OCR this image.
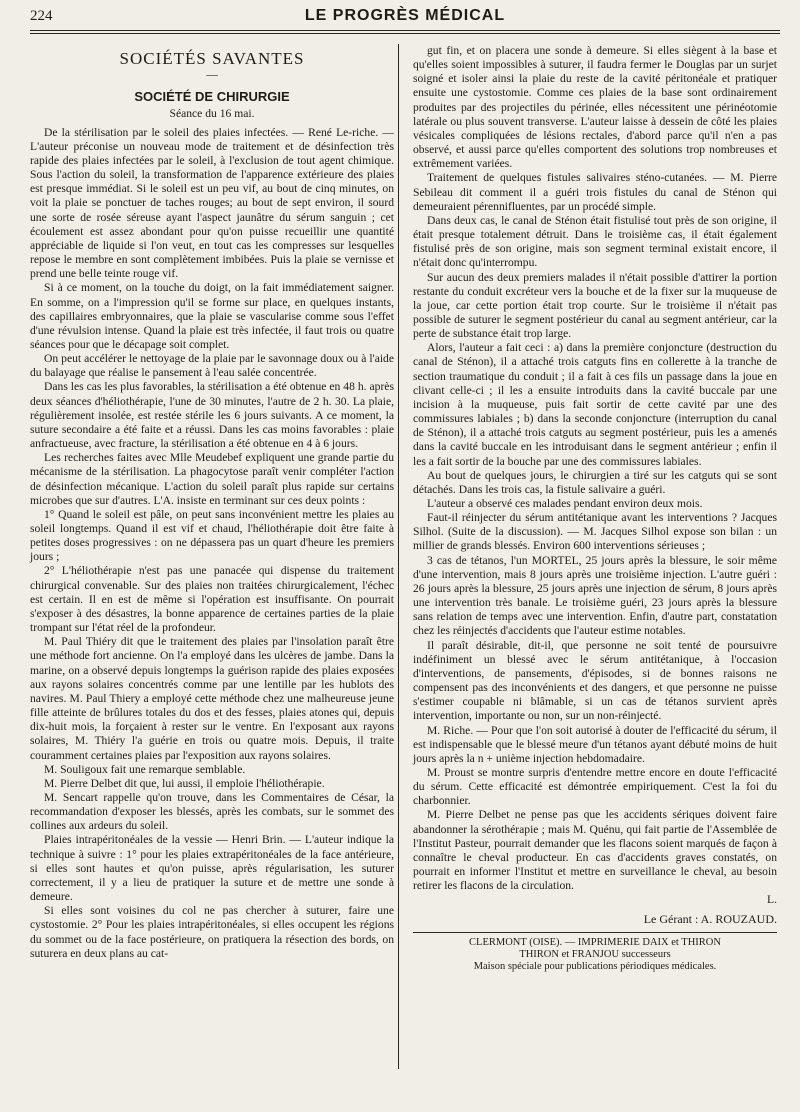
224	LE PROGRÈS MÉDICAL
SOCIÉTÉS SAVANTES
—
SOCIÉTÉ DE CHIRURGIE
Séance du 16 mai.

De la stérilisation par le soleil des plaies infectées. — René Le-riche. — L'auteur préconise un nouveau mode de traitement et de désinfection très rapide des plaies infectées par le soleil, à l'exclusion de tout agent chimique. Sous l'action du soleil, la transformation de l'apparence extérieure des plaies est presque immédiat. Si le soleil est un peu vif, au bout de cinq minutes, on voit la plaie se ponctuer de taches rouges; au bout de sept environ, il sourd une sorte de rosée séreuse ayant l'aspect jaunâtre du sérum sanguin ; cet écoulement est assez abondant pour qu'on puisse recueillir une quantité appréciable de liquide si l'on veut, en tout cas les compresses sur lesquelles repose le membre en sont complètement imbibées. Puis la plaie se vernisse et prend une belle teinte rouge vif.

Si à ce moment, on la touche du doigt, on la fait immédiatement saigner. En somme, on a l'impression qu'il se forme sur place, en quelques instants, des capillaires embryonnaires, que la plaie se vascularise comme sous l'effet d'une révulsion intense. Quand la plaie est très infectée, il faut trois ou quatre séances pour que le décapage soit complet.

On peut accélérer le nettoyage de la plaie par le savonnage doux ou à l'aide du balayage que réalise le pansement à l'eau salée concentrée.

Dans les cas les plus favorables, la stérilisation a été obtenue en 48 h. après deux séances d'héliothérapie, l'une de 30 minutes, l'autre de 2 h. 30. La plaie, régulièrement insolée, est restée stérile les 6 jours suivants. A ce moment, la suture secondaire a été faite et a réussi. Dans les cas moins favorables : plaie anfractueuse, avec fracture, la stérilisation a été obtenue en 4 à 6 jours.

Les recherches faites avec Mlle Meudebef expliquent une grande partie du mécanisme de la stérilisation. La phagocytose paraît venir compléter l'action de désinfection mécanique. L'action du soleil paraît plus rapide sur certains microbes que sur d'autres. L'A. insiste en terminant sur ces deux points :

1° Quand le soleil est pâle, on peut sans inconvénient mettre les plaies au soleil longtemps. Quand il est vif et chaud, l'héliothérapie doit être faite à petites doses progressives : on ne dépassera pas un quart d'heure les premiers jours ;

2° L'héliothérapie n'est pas une panacée qui dispense du traitement chirurgical convenable. Sur des plaies non traitées chirurgicalement, l'échec est certain. Il en est de même si l'opération est insuffisante. On pourrait s'exposer à des désastres, la bonne apparence de certaines parties de la plaie trompant sur l'état réel de la profondeur.

M. Paul Thiéry dit que le traitement des plaies par l'insolation paraît être une méthode fort ancienne. On l'a employé dans les ulcères de jambe. Dans la marine, on a observé depuis longtemps la guérison rapide des plaies exposées aux rayons solaires concentrés comme par une lentille par les hublots des navires. M. Paul Thiery a employé cette méthode chez une malheureuse jeune fille atteinte de brûlures totales du dos et des fesses, plaies atones qui, depuis dix-huit mois, la forçaient à rester sur le ventre. En l'exposant aux rayons solaires, M. Thiéry l'a guérie en trois ou quatre mois. Depuis, il traite couramment certaines plaies par l'exposition aux rayons solaires.

M. Souligoux fait une remarque semblable.

M. Pierre Delbet dit que, lui aussi, il emploie l'héliothérapie.

M. Sencart rappelle qu'on trouve, dans les Commentaires de César, la recommandation d'exposer les blessés, après les combats, sur le sommet des collines aux ardeurs du soleil.

Plaies intrapéritonéales de la vessie — Henri Brin. — L'auteur indique la technique à suivre : 1° pour les plaies extrapéritonéales de la face antérieure, si elles sont hautes et qu'on puisse, après régularisation, les suturer correctement, il y a lieu de pratiquer la suture et de mettre une sonde à demeure.

Si elles sont voisines du col ne pas chercher à suturer, faire une cystostomie. 2° Pour les plaies intrapéritonéales, si elles occupent les régions du sommet ou de la face postérieure, on pratiquera la résection des bords, on suturera en deux plans au cat-

gut fin, et on placera une sonde à demeure. Si elles siègent à la base et qu'elles soient impossibles à suturer, il faudra fermer le Douglas par un surjet soigné et isoler ainsi la plaie du reste de la cavité péritonéale et pratiquer ensuite une cystostomie. Comme ces plaies de la base sont ordinairement produites par des projectiles du périnée, elles nécessitent une périnéotomie latérale ou plus souvent transverse. L'auteur laisse à dessein de côté les plaies vésicales compliquées de lésions rectales, d'abord parce qu'il n'en a pas observé, et aussi parce qu'elles comportent des solutions trop nombreuses et extrêmement variées.

Traitement de quelques fistules salivaires sténo-cutanées. — M. Pierre Sebileau dit comment il a guéri trois fistules du canal de Sténon qui demeuraient pérennifluentes, par un procédé simple.

Dans deux cas, le canal de Sténon était fistulisé tout près de son origine, il était presque totalement détruit. Dans le troisième cas, il était également fistulisé près de son origine, mais son segment terminal existait encore, il n'était donc qu'interrompu.

Sur aucun des deux premiers malades il n'était possible d'attirer la portion restante du conduit excréteur vers la bouche et de la fixer sur la muqueuse de la joue, car cette portion était trop courte. Sur le troisième il n'était pas possible de suturer le segment postérieur du canal au segment antérieur, car la perte de substance était trop large.

Alors, l'auteur a fait ceci : a) dans la première conjoncture (destruction du canal de Sténon), il a attaché trois catguts fins en collerette à la tranche de section traumatique du conduit ; il a fait à ces fils un passage dans la joue en clivant celle-ci ; il les a ensuite introduits dans la cavité buccale par une incision à la muqueuse, puis fait sortir de cette cavité par une des commissures labiales ; b) dans la seconde conjoncture (interruption du canal de Sténon), il a attaché trois catguts au segment postérieur, puis les a amenés dans la cavité buccale en les introduisant dans le segment antérieur ; enfin il les a fait sortir de la bouche par une des commissures labiales.

Au bout de quelques jours, le chirurgien a tiré sur les catguts qui se sont détachés. Dans les trois cas, la fistule salivaire a guéri.

L'auteur a observé ces malades pendant environ deux mois.

Faut-il réinjecter du sérum antitétanique avant les interventions ? Jacques Silhol. (Suite de la discussion). — M. Jacques Silhol expose son bilan : un millier de grands blessés. Environ 600 interventions sérieuses ;

3 cas de tétanos, l'un MORTEL, 25 jours après la blessure, le soir même d'une intervention, mais 8 jours après une troisième injection. L'autre guéri : 26 jours après la blessure, 25 jours après une injection de sérum, 8 jours après une intervention très banale. Le troisième guéri, 23 jours après la blessure sans relation de temps avec une intervention. Enfin, d'autre part, constatation chez les réinjectés d'accidents que l'auteur estime notables.

Il paraît désirable, dit-il, que personne ne soit tenté de poursuivre indéfiniment un blessé avec le sérum antitétanique, à l'occasion d'interventions, de pansements, d'épisodes, si de bonnes raisons ne compensent pas des inconvénients et des dangers, et que personne ne puisse s'estimer coupable ni blâmable, si un cas de tétanos survient après intervention, importante ou non, sur un non-réinjecté.

M. Riche. — Pour que l'on soit autorisé à douter de l'efficacité du sérum, il est indispensable que le blessé meure d'un tétanos ayant débuté moins de huit jours après la n + unième injection hebdomadaire.

M. Proust se montre surpris d'entendre mettre encore en doute l'efficacité du sérum. Cette efficacité est démontrée empiriquement. C'est la foi du charbonnier.

M. Pierre Delbet ne pense pas que les accidents sériques doivent faire abandonner la sérothérapie ; mais M. Quénu, qui fait partie de l'Assemblée de l'Institut Pasteur, pourrait demander que les flacons soient marqués de façon à connaître le cheval producteur. En cas d'accidents graves constatés, on pourrait en informer l'Institut et mettre en surveillance le cheval, au besoin retirer les flacons de la circulation.

L.

Le Gérant : A. ROUZAUD.
CLERMONT (OISE). — IMPRIMERIE DAIX et THIRON
THIRON et FRANJOU successeurs
Maison spéciale pour publications périodiques médicales.
